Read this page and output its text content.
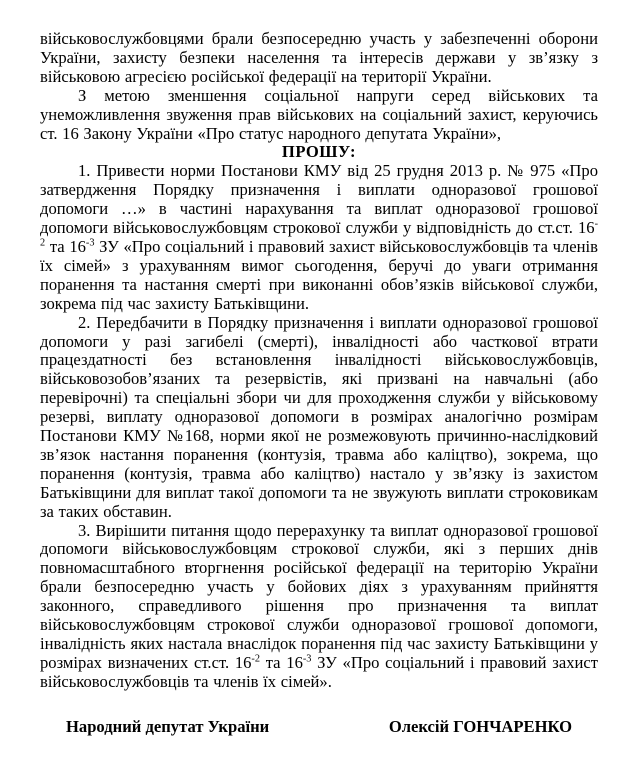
військовослужбовцями брали безпосередню участь у забезпеченні оборони України, захисту безпеки населення та інтересів держави у зв’язку з військовою агресією російської федерації на території України.

З метою зменшення соціальної напруги серед військових та унеможливлення звуження прав військових на соціальний захист, керуючись ст. 16 Закону України «Про статус народного депутата України»,

ПРОШУ:

1. Привести норми Постанови КМУ від 25 грудня 2013 р. № 975 «Про затвердження Порядку призначення і виплати одноразової грошової допомоги …» в частині нарахування та виплат одноразової грошової допомоги військовослужбовцям строкової служби у відповідність до ст.ст. $16^{-2}$ та $16^{-3}$ ЗУ «Про соціальний і правовий захист військовослужбовців та членів їх сімей» з урахуванням вимог сьогодення, беручі до уваги отримання поранення та настання смерті при виконанні обов’язків військової служби, зокрема під час захисту Батьківщини.

2. Передбачити в Порядку призначення і виплати одноразової грошової допомоги у разі загибелі (смерті), інвалідності або часткової втрати працездатності без встановлення інвалідності військовослужбовців, військовозобов’язаних та резервістів, які призвані на навчальні (або перевірочні) та спеціальні збори чи для проходження служби у військовому резерві, виплату одноразової допомоги в розмірах аналогічно розмірам Постанови КМУ №168, норми якої не розмежовують причинно-наслідковий зв’язок настання поранення (контузія, травма або каліцтво), зокрема, що поранення (контузія, травма або каліцтво) настало у зв’язку із захистом Батьківщини для виплат такої допомоги та не звужують виплати строковикам за таких обставин.

3. Вирішити питання щодо перерахунку та виплат одноразової грошової допомоги військовослужбовцям строкової служби, які з перших днів повномасштабного вторгнення російської федерації на територію України брали безпосередню участь у бойових діях з урахуванням прийняття законного, справедливого рішення про призначення та виплат військовослужбовцям строкової служби одноразової грошової допомоги, інвалідність яких настала внаслідок поранення під час захисту Батьківщини у розмірах визначених ст.ст. $16^{-2}$ та $16^{-3}$ ЗУ «Про соціальний і правовий захист військовослужбовців та членів їх сімей».

Народний депутат України	Олексій ГОНЧАРЕНКО
